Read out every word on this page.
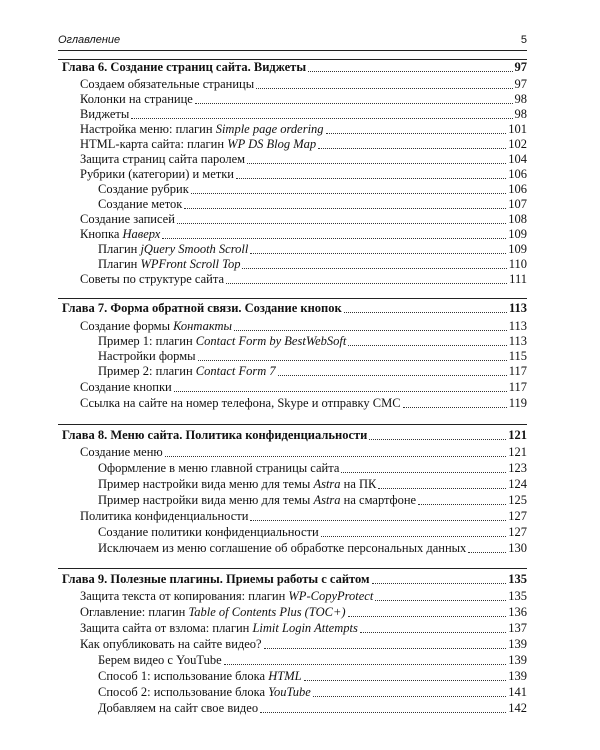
Оглавление	5
Глава 6. Создание страниц сайта. Виджеты	97
Создаем обязательные страницы	97
Колонки на странице	98
Виджеты	98
Настройка меню: плагин Simple page ordering	101
HTML-карта сайта: плагин WP DS Blog Map	102
Защита страниц сайта паролем	104
Рубрики (категории) и метки	106
Создание рубрик	106
Создание меток	107
Создание записей	108
Кнопка Наверх	109
Плагин jQuery Smooth Scroll	109
Плагин WPFront Scroll Top	110
Советы по структуре сайта	111
Глава 7. Форма обратной связи. Создание кнопок	113
Создание формы Контакты	113
Пример 1: плагин Contact Form by BestWebSoft	113
Настройки формы	115
Пример 2: плагин Contact Form 7	117
Создание кнопки	117
Ссылка на сайте на номер телефона, Skype и отправку СМС	119
Глава 8. Меню сайта. Политика конфиденциальности	121
Создание меню	121
Оформление в меню главной страницы сайта	123
Пример настройки вида меню для темы Astra на ПК	124
Пример настройки вида меню для темы Astra на смартфоне	125
Политика конфиденциальности	127
Создание политики конфиденциальности	127
Исключаем из меню соглашение об обработке персональных данных	130
Глава 9. Полезные плагины. Приемы работы с сайтом	135
Защита текста от копирования: плагин WP-CopyProtect	135
Оглавление: плагин Table of Contents Plus (TOC+)	136
Защита сайта от взлома: плагин Limit Login Attempts	137
Как опубликовать на сайте видео?	139
Берем видео с YouTube	139
Способ 1: использование блока HTML	139
Способ 2: использование блока YouTube	141
Добавляем на сайт свое видео	142
